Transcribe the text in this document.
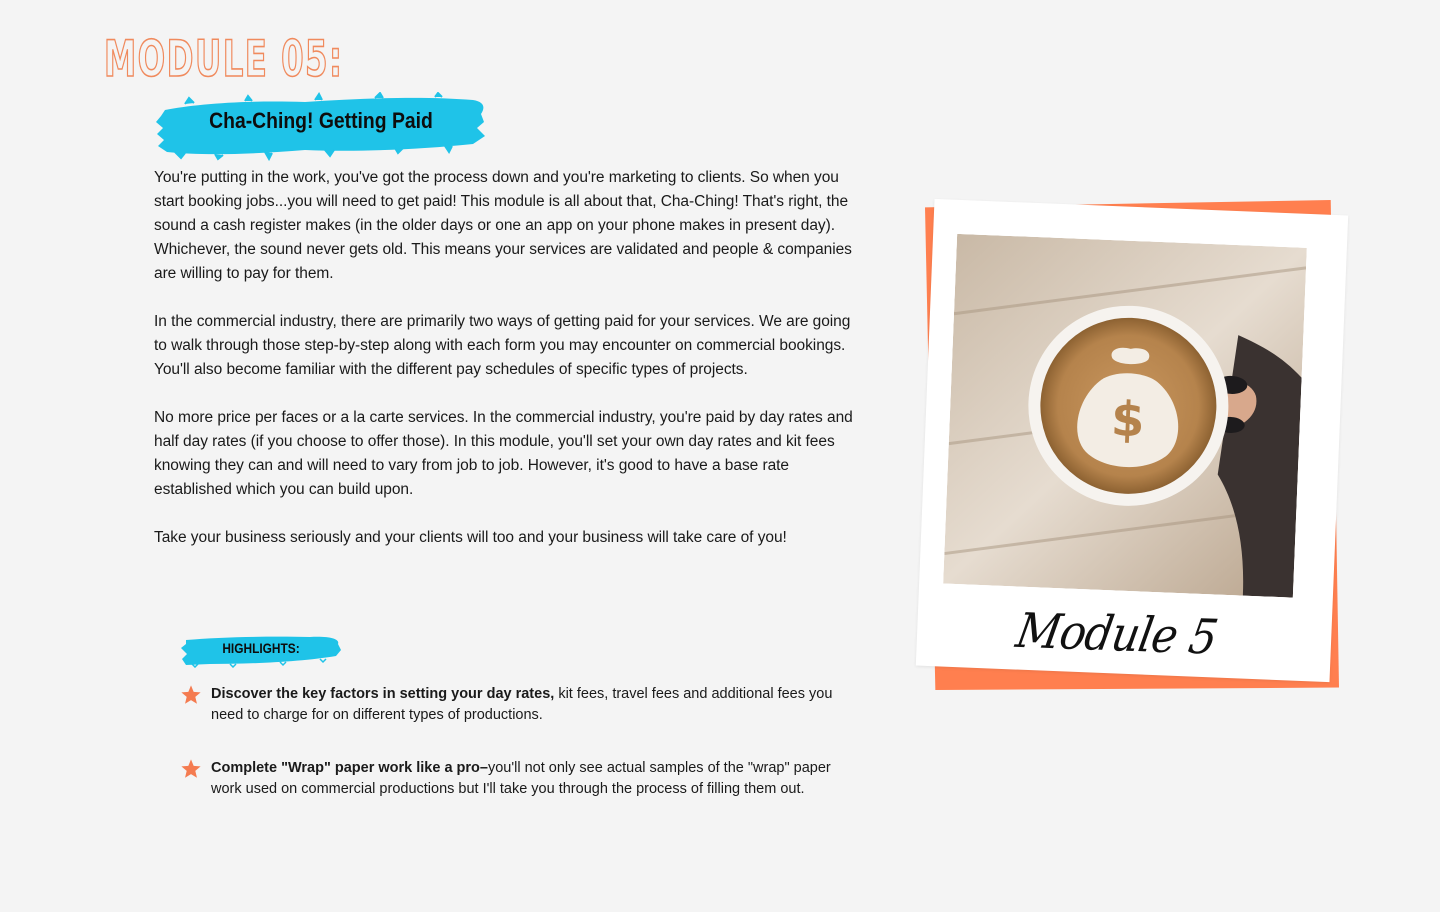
MODULE 05:
Cha-Ching! Getting Paid

You're putting in the work, you've got the process down and you're marketing to clients. So when you start booking jobs...you will need to get paid! This module is all about that, Cha-Ching! That's right, the sound a cash register makes (in the older days or one an app on your phone makes in present day). Whichever, the sound never gets old. This means your services are validated and people & companies are willing to pay for them.

In the commercial industry, there are primarily two ways of getting paid for your services. We are going to walk through those step-by-step along with each form you may encounter on commercial bookings. You'll also become familiar with the different pay schedules of specific types of projects.

No more price per faces or a la carte services. In the commercial industry, you're paid by day rates and half day rates (if you choose to offer those). In this module, you'll set your own day rates and kit fees knowing they can and will need to vary from job to job. However, it's good to have a base rate established which you can build upon.

Take your business seriously and your clients will too and your business will take care of you!

HIGHLIGHTS:
Discover the key factors in setting your day rates, kit fees, travel fees and additional fees you need to charge for on different types of productions.
Complete "Wrap" paper work like a pro–you'll not only see actual samples of the "wrap" paper work used on commercial productions but I'll take you through the process of filling them out.
$
Module 5
